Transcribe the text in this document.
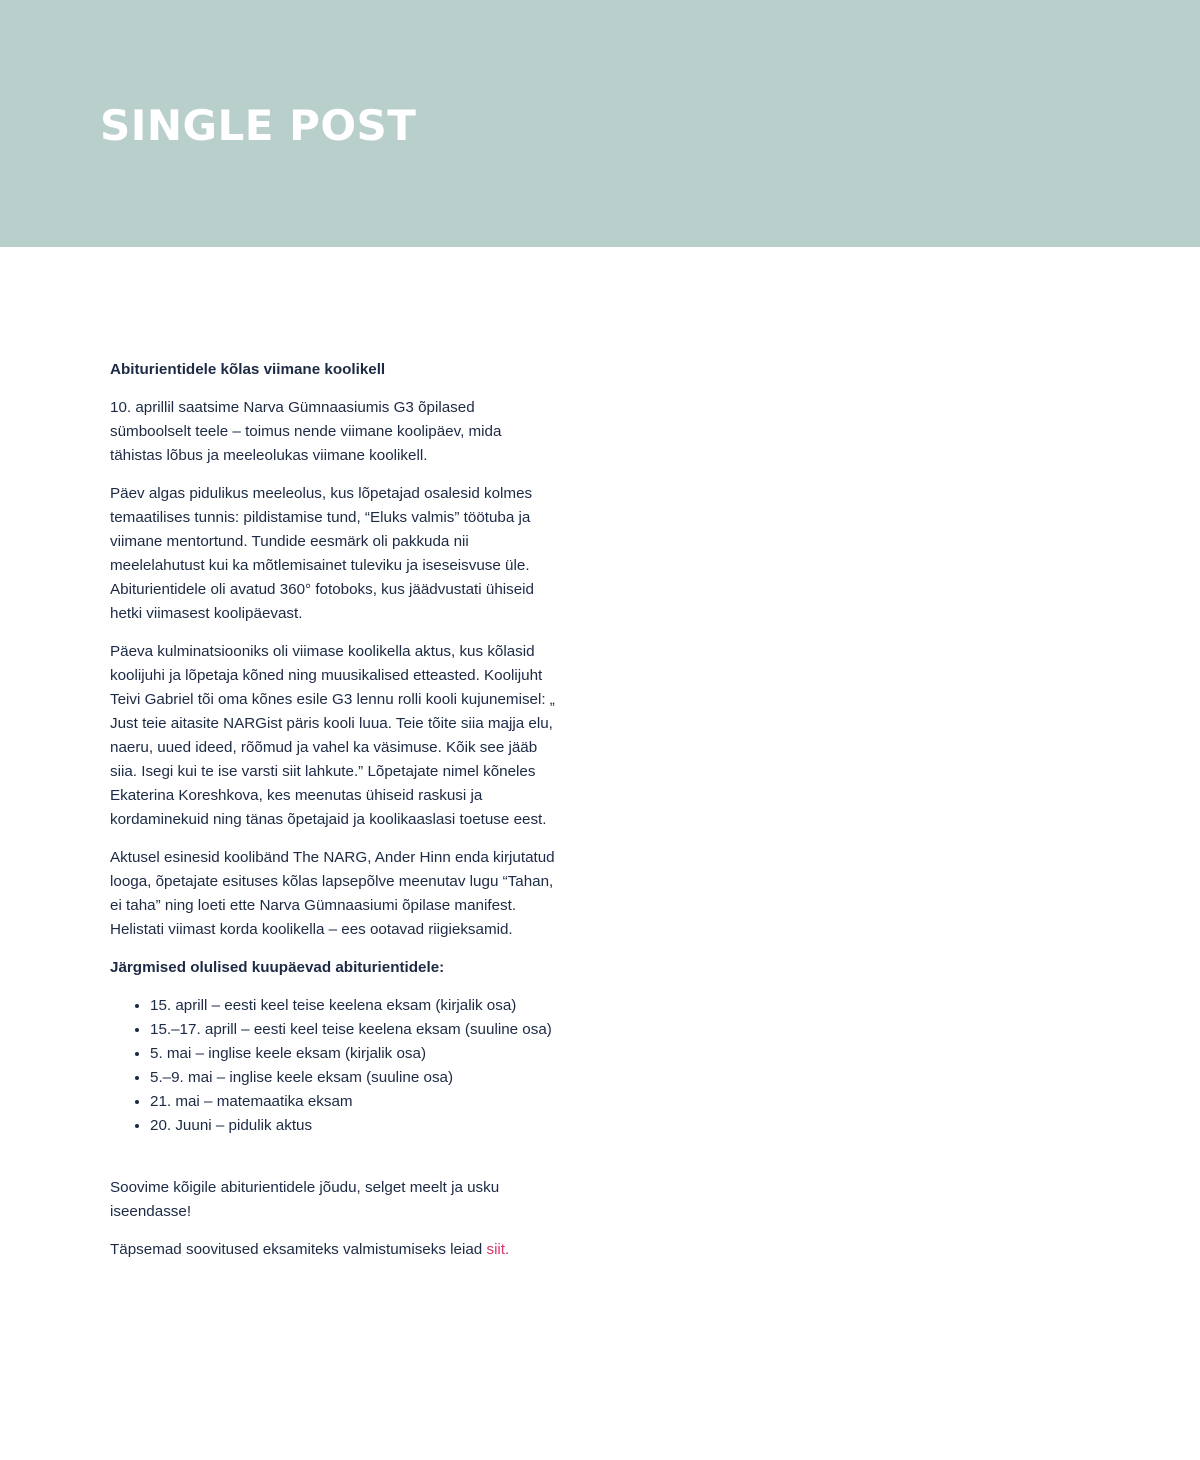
SINGLE POST

Abiturientidele kõlas viimane koolikell

10. aprillil saatsime Narva Gümnaasiumis G3 õpilased sümboolselt teele – toimus nende viimane koolipäev, mida tähistas lõbus ja meeleolukas viimane koolikell.

Päev algas pidulikus meeleolus, kus lõpetajad osalesid kolmes temaatilises tunnis: pildistamise tund, “Eluks valmis” töötuba ja viimane mentortund. Tundide eesmärk oli pakkuda nii meelelahutust kui ka mõtlemisainet tuleviku ja iseseisvuse üle. Abiturientidele oli avatud 360° fotoboks, kus jäädvustati ühiseid hetki viimasest koolipäevast.

Päeva kulminatsiooniks oli viimase koolikella aktus, kus kõlasid koolijuhi ja lõpetaja kõned ning muusikalised etteasted. Koolijuht Teivi Gabriel tõi oma kõnes esile G3 lennu rolli kooli kujunemisel: „ Just teie aitasite NARGist päris kooli luua. Teie tõite siia majja elu, naeru, uued ideed, rõõmud ja vahel ka väsimuse. Kõik see jääb siia. Isegi kui te ise varsti siit lahkute.” Lõpetajate nimel kõneles Ekaterina Koreshkova, kes meenutas ühiseid raskusi ja kordaminekuid ning tänas õpetajaid ja koolikaaslasi toetuse eest.

Aktusel esinesid koolibänd The NARG, Ander Hinn enda kirjutatud looga, õpetajate esituses kõlas lapsepõlve meenutav lugu “Tahan, ei taha” ning loeti ette Narva Gümnaasiumi õpilase manifest. Helistati viimast korda koolikella – ees ootavad riigieksamid.

Järgmised olulised kuupäevad abiturientidele:

• 15. aprill – eesti keel teise keelena eksam (kirjalik osa)
• 15.–17. aprill – eesti keel teise keelena eksam (suuline osa)
• 5. mai – inglise keele eksam (kirjalik osa)
• 5.–9. mai – inglise keele eksam (suuline osa)
• 21. mai – matemaatika eksam
• 20. Juuni – pidulik aktus

Soovime kõigile abiturientidele jõudu, selget meelt ja usku iseendasse!

Täpsemad soovitused eksamiteks valmistumiseks leiad siit.
